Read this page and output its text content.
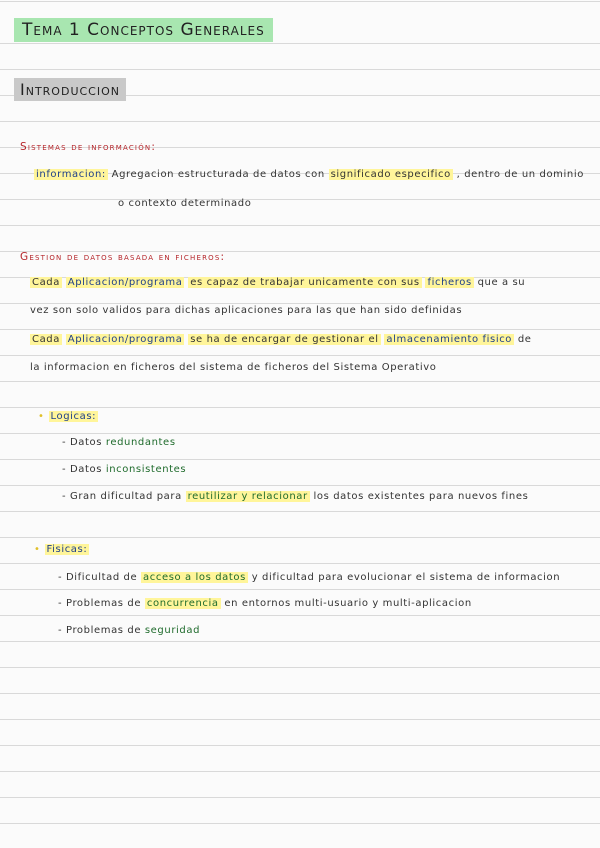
Tema 1 Conceptos Generales
Introduccion
Sistemas de información:
informacion: Agregacion estructurada de datos con significado especifico , dentro de un dominio
o contexto determinado
Gestion de datos basada en ficheros:
Cada Aplicacion/programa es capaz de trabajar unicamente con sus ficheros que a su
vez son solo validos para dichas aplicaciones para las que han sido definidas
Cada Aplicacion/programa se ha de encargar de gestionar el almacenamiento fisico de
la informacion en ficheros del sistema de ficheros del Sistema Operativo
• Logicas:
- Datos redundantes
- Datos inconsistentes
- Gran dificultad para reutilizar y relacionar los datos existentes para nuevos fines
• Fisicas:
- Dificultad de acceso a los datos y dificultad para evolucionar el sistema de informacion
- Problemas de concurrencia en entornos multi-usuario y multi-aplicacion
- Problemas de seguridad
